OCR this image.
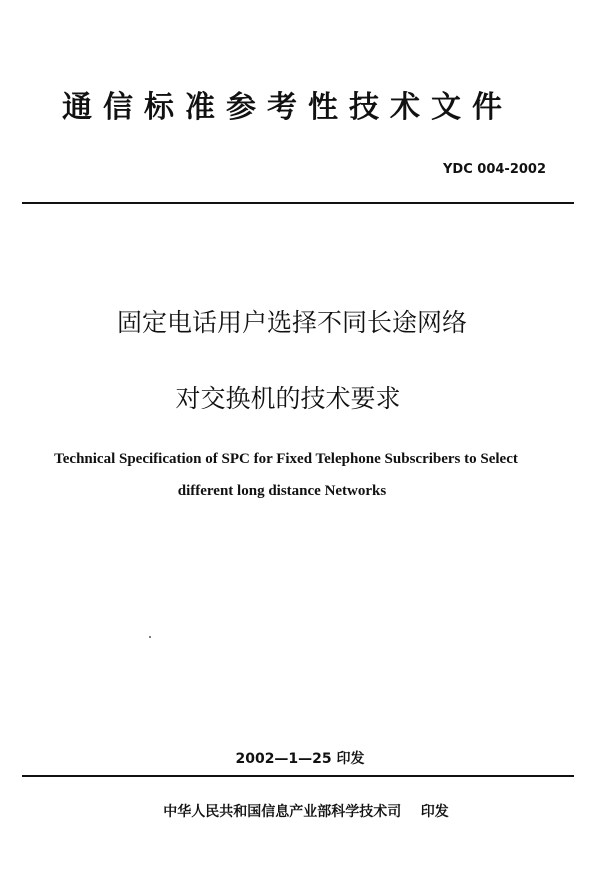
通信标准参考性技术文件
YDC 004-2002
固定电话用户选择不同长途网络
对交换机的技术要求
Technical Specification of SPC for Fixed Telephone Subscribers to Select
different long distance Networks
2002—1—25 印发
中华人民共和国信息产业部科学技术司    印发
